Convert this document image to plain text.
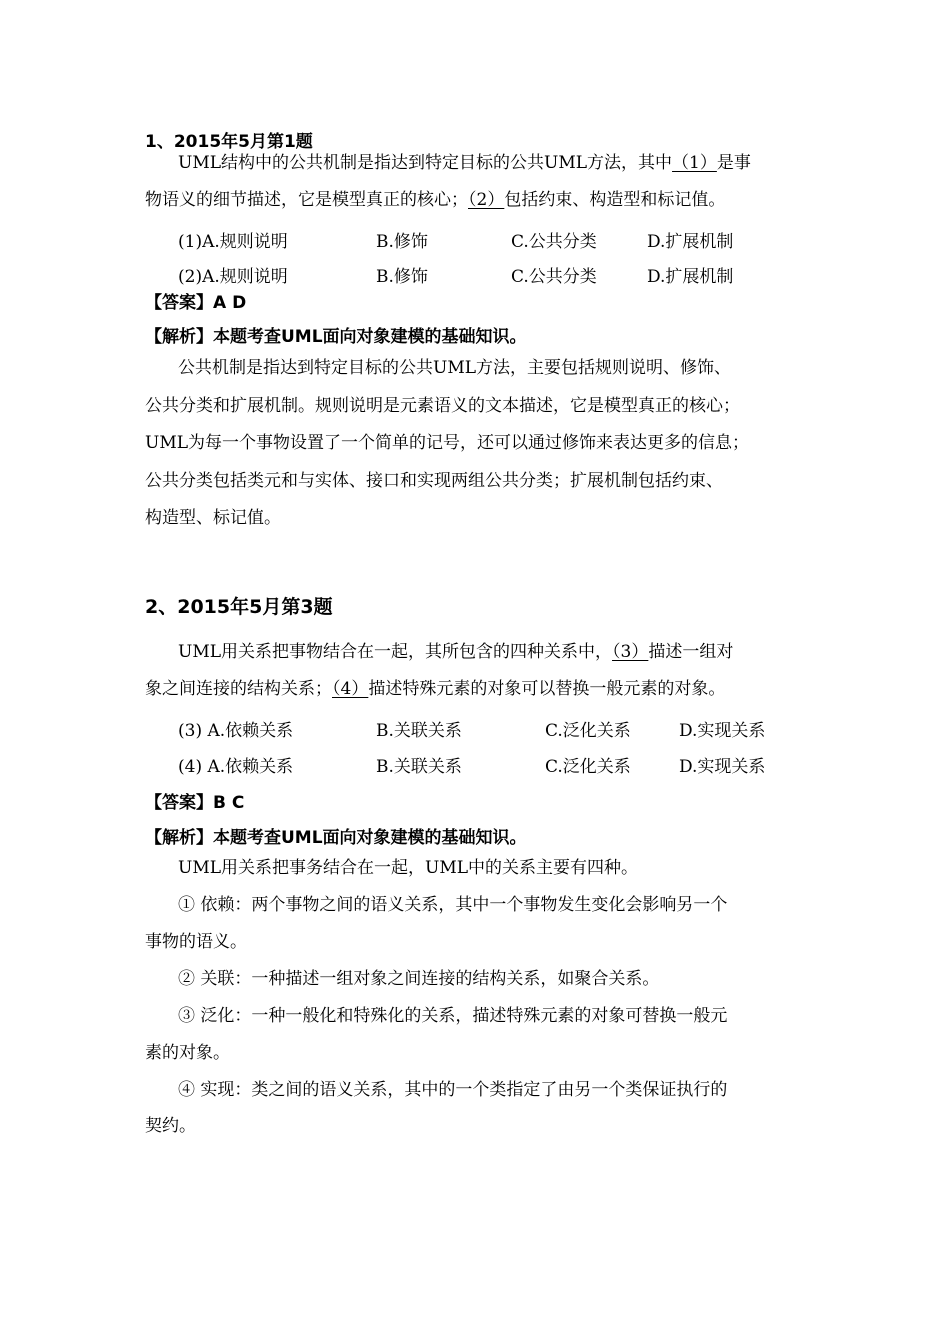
1、2015年5月第1题
UML结构中的公共机制是指达到特定目标的公共UML方法，其中（1）是事
物语义的细节描述，它是模型真正的核心；（2）包括约束、构造型和标记值。
(1)A.规则说明	B.修饰	C.公共分类	D.扩展机制
(2)A.规则说明	B.修饰	C.公共分类	D.扩展机制
【答案】A D
【解析】本题考查UML面向对象建模的基础知识。
公共机制是指达到特定目标的公共UML方法，主要包括规则说明、修饰、
公共分类和扩展机制。规则说明是元素语义的文本描述，它是模型真正的核心；
UML为每一个事物设置了一个简单的记号，还可以通过修饰来表达更多的信息；
公共分类包括类元和与实体、接口和实现两组公共分类；扩展机制包括约束、
构造型、标记值。
2、2015年5月第3题
UML用关系把事物结合在一起，其所包含的四种关系中，（3）描述一组对
象之间连接的结构关系；（4）描述特殊元素的对象可以替换一般元素的对象。
(3) A.依赖关系	B.关联关系	C.泛化关系	D.实现关系
(4) A.依赖关系	B.关联关系	C.泛化关系	D.实现关系
【答案】B C
【解析】本题考查UML面向对象建模的基础知识。
UML用关系把事务结合在一起，UML中的关系主要有四种。
① 依赖：两个事物之间的语义关系，其中一个事物发生变化会影响另一个
事物的语义。
② 关联：一种描述一组对象之间连接的结构关系，如聚合关系。
③ 泛化：一种一般化和特殊化的关系，描述特殊元素的对象可替换一般元
素的对象。
④ 实现：类之间的语义关系，其中的一个类指定了由另一个类保证执行的
契约。
